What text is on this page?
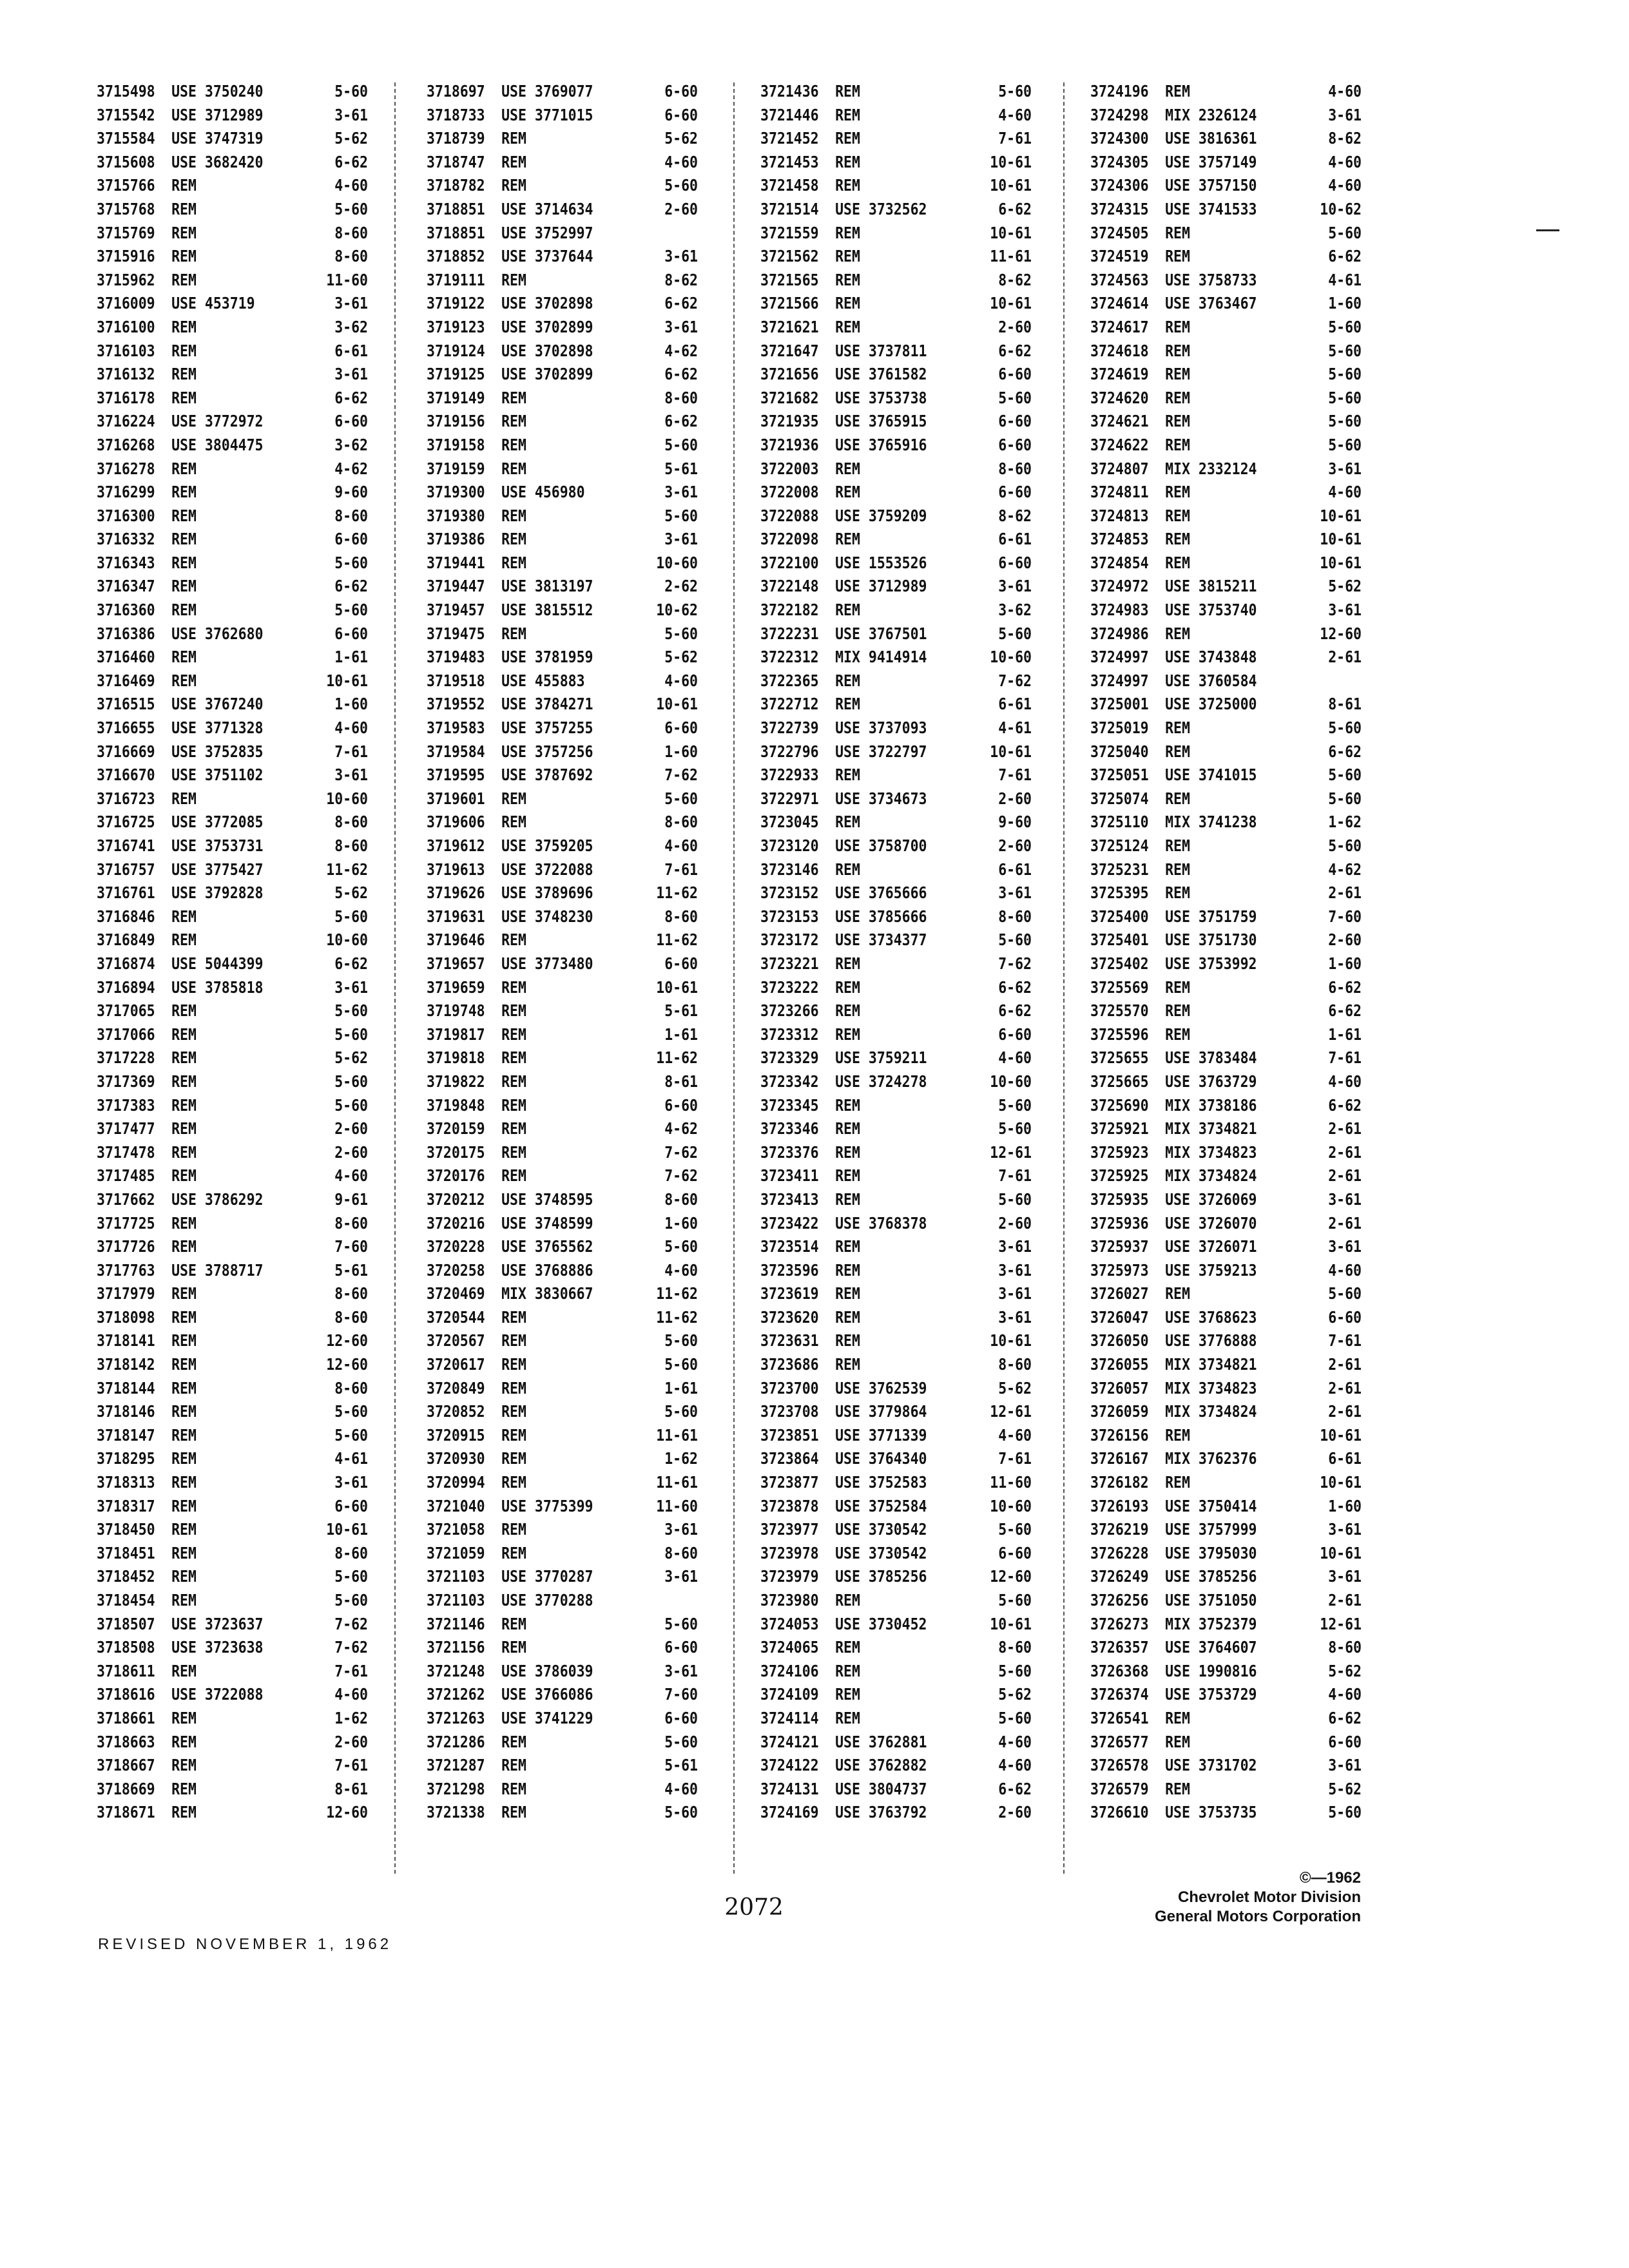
3715498 USE 3750240	5-60
3715542 USE 3712989	3-61
3715584 USE 3747319	5-62
3715608 USE 3682420	6-62
3715766 REM	4-60
3715768 REM	5-60
3715769 REM	8-60
3715916 REM	8-60
3715962 REM	11-60
3716009 USE 453719	3-61
3716100 REM	3-62
3716103 REM	6-61
3716132 REM	3-61
3716178 REM	6-62
3716224 USE 3772972	6-60
3716268 USE 3804475	3-62
3716278 REM	4-62
3716299 REM	9-60
3716300 REM	8-60
3716332 REM	6-60
3716343 REM	5-60
3716347 REM	6-62
3716360 REM	5-60
3716386 USE 3762680	6-60
3716460 REM	1-61
3716469 REM	10-61
3716515 USE 3767240	1-60
3716655 USE 3771328	4-60
3716669 USE 3752835	7-61
3716670 USE 3751102	3-61
3716723 REM	10-60
3716725 USE 3772085	8-60
3716741 USE 3753731	8-60
3716757 USE 3775427	11-62
3716761 USE 3792828	5-62
3716846 REM	5-60
3716849 REM	10-60
3716874 USE 5044399	6-62
3716894 USE 3785818	3-61
3717065 REM	5-60
3717066 REM	5-60
3717228 REM	5-62
3717369 REM	5-60
3717383 REM	5-60
3717477 REM	2-60
3717478 REM	2-60
3717485 REM	4-60
3717662 USE 3786292	9-61
3717725 REM	8-60
3717726 REM	7-60
3717763 USE 3788717	5-61
3717979 REM	8-60
3718098 REM	8-60
3718141 REM	12-60
3718142 REM	12-60
3718144 REM	8-60
3718146 REM	5-60
3718147 REM	5-60
3718295 REM	4-61
3718313 REM	3-61
3718317 REM	6-60
3718450 REM	10-61
3718451 REM	8-60
3718452 REM	5-60
3718454 REM	5-60
3718507 USE 3723637	7-62
3718508 USE 3723638	7-62
3718611 REM	7-61
3718616 USE 3722088	4-60
3718661 REM	1-62
3718663 REM	2-60
3718667 REM	7-61
3718669 REM	8-61
3718671 REM	12-60
3718697 USE 3769077	6-60
3718733 USE 3771015	6-60
3718739 REM	5-62
3718747 REM	4-60
3718782 REM	5-60
3718851 USE 3714634	2-60
3718851 USE 3752997
3718852 USE 3737644	3-61
3719111 REM	8-62
3719122 USE 3702898	6-62
3719123 USE 3702899	3-61
3719124 USE 3702898	4-62
3719125 USE 3702899	6-62
3719149 REM	8-60
3719156 REM	6-62
3719158 REM	5-60
3719159 REM	5-61
3719300 USE 456980	3-61
3719380 REM	5-60
3719386 REM	3-61
3719441 REM	10-60
3719447 USE 3813197	2-62
3719457 USE 3815512	10-62
3719475 REM	5-60
3719483 USE 3781959	5-62
3719518 USE 455883	4-60
3719552 USE 3784271	10-61
3719583 USE 3757255	6-60
3719584 USE 3757256	1-60
3719595 USE 3787692	7-62
3719601 REM	5-60
3719606 REM	8-60
3719612 USE 3759205	4-60
3719613 USE 3722088	7-61
3719626 USE 3789696	11-62
3719631 USE 3748230	8-60
3719646 REM	11-62
3719657 USE 3773480	6-60
3719659 REM	10-61
3719748 REM	5-61
3719817 REM	1-61
3719818 REM	11-62
3719822 REM	8-61
3719848 REM	6-60
3720159 REM	4-62
3720175 REM	7-62
3720176 REM	7-62
3720212 USE 3748595	8-60
3720216 USE 3748599	1-60
3720228 USE 3765562	5-60
3720258 USE 3768886	4-60
3720469 MIX 3830667	11-62
3720544 REM	11-62
3720567 REM	5-60
3720617 REM	5-60
3720849 REM	1-61
3720852 REM	5-60
3720915 REM	11-61
3720930 REM	1-62
3720994 REM	11-61
3721040 USE 3775399	11-60
3721058 REM	3-61
3721059 REM	8-60
3721103 USE 3770287	3-61
3721103 USE 3770288
3721146 REM	5-60
3721156 REM	6-60
3721248 USE 3786039	3-61
3721262 USE 3766086	7-60
3721263 USE 3741229	6-60
3721286 REM	5-60
3721287 REM	5-61
3721298 REM	4-60
3721338 REM	5-60
3721436 REM	5-60
3721446 REM	4-60
3721452 REM	7-61
3721453 REM	10-61
3721458 REM	10-61
3721514 USE 3732562	6-62
3721559 REM	10-61
3721562 REM	11-61
3721565 REM	8-62
3721566 REM	10-61
3721621 REM	2-60
3721647 USE 3737811	6-62
3721656 USE 3761582	6-60
3721682 USE 3753738	5-60
3721935 USE 3765915	6-60
3721936 USE 3765916	6-60
3722003 REM	8-60
3722008 REM	6-60
3722088 USE 3759209	8-62
3722098 REM	6-61
3722100 USE 1553526	6-60
3722148 USE 3712989	3-61
3722182 REM	3-62
3722231 USE 3767501	5-60
3722312 MIX 9414914	10-60
3722365 REM	7-62
3722712 REM	6-61
3722739 USE 3737093	4-61
3722796 USE 3722797	10-61
3722933 REM	7-61
3722971 USE 3734673	2-60
3723045 REM	9-60
3723120 USE 3758700	2-60
3723146 REM	6-61
3723152 USE 3765666	3-61
3723153 USE 3785666	8-60
3723172 USE 3734377	5-60
3723221 REM	7-62
3723222 REM	6-62
3723266 REM	6-62
3723312 REM	6-60
3723329 USE 3759211	4-60
3723342 USE 3724278	10-60
3723345 REM	5-60
3723346 REM	5-60
3723376 REM	12-61
3723411 REM	7-61
3723413 REM	5-60
3723422 USE 3768378	2-60
3723514 REM	3-61
3723596 REM	3-61
3723619 REM	3-61
3723620 REM	3-61
3723631 REM	10-61
3723686 REM	8-60
3723700 USE 3762539	5-62
3723708 USE 3779864	12-61
3723851 USE 3771339	4-60
3723864 USE 3764340	7-61
3723877 USE 3752583	11-60
3723878 USE 3752584	10-60
3723977 USE 3730542	5-60
3723978 USE 3730542	6-60
3723979 USE 3785256	12-60
3723980 REM	5-60
3724053 USE 3730452	10-61
3724065 REM	8-60
3724106 REM	5-60
3724109 REM	5-62
3724114 REM	5-60
3724121 USE 3762881	4-60
3724122 USE 3762882	4-60
3724131 USE 3804737	6-62
3724169 USE 3763792	2-60
3724196 REM	4-60
3724298 MIX 2326124	3-61
3724300 USE 3816361	8-62
3724305 USE 3757149	4-60
3724306 USE 3757150	4-60
3724315 USE 3741533	10-62
3724505 REM	5-60
3724519 REM	6-62
3724563 USE 3758733	4-61
3724614 USE 3763467	1-60
3724617 REM	5-60
3724618 REM	5-60
3724619 REM	5-60
3724620 REM	5-60
3724621 REM	5-60
3724622 REM	5-60
3724807 MIX 2332124	3-61
3724811 REM	4-60
3724813 REM	10-61
3724853 REM	10-61
3724854 REM	10-61
3724972 USE 3815211	5-62
3724983 USE 3753740	3-61
3724986 REM	12-60
3724997 USE 3743848	2-61
3724997 USE 3760584
3725001 USE 3725000	8-61
3725019 REM	5-60
3725040 REM	6-62
3725051 USE 3741015	5-60
3725074 REM	5-60
3725110 MIX 3741238	1-62
3725124 REM	5-60
3725231 REM	4-62
3725395 REM	2-61
3725400 USE 3751759	7-60
3725401 USE 3751730	2-60
3725402 USE 3753992	1-60
3725569 REM	6-62
3725570 REM	6-62
3725596 REM	1-61
3725655 USE 3783484	7-61
3725665 USE 3763729	4-60
3725690 MIX 3738186	6-62
3725921 MIX 3734821	2-61
3725923 MIX 3734823	2-61
3725925 MIX 3734824	2-61
3725935 USE 3726069	3-61
3725936 USE 3726070	2-61
3725937 USE 3726071	3-61
3725973 USE 3759213	4-60
3726027 REM	5-60
3726047 USE 3768623	6-60
3726050 USE 3776888	7-61
3726055 MIX 3734821	2-61
3726057 MIX 3734823	2-61
3726059 MIX 3734824	2-61
3726156 REM	10-61
3726167 MIX 3762376	6-61
3726182 REM	10-61
3726193 USE 3750414	1-60
3726219 USE 3757999	3-61
3726228 USE 3795030	10-61
3726249 USE 3785256	3-61
3726256 USE 3751050	2-61
3726273 MIX 3752379	12-61
3726357 USE 3764607	8-60
3726368 USE 1990816	5-62
3726374 USE 3753729	4-60
3726541 REM	6-62
3726577 REM	6-60
3726578 USE 3731702	3-61
3726579 REM	5-62
3726610 USE 3753735	5-60
2072
REVISED NOVEMBER 1, 1962
©—1962
Chevrolet Motor Division
General Motors Corporation
